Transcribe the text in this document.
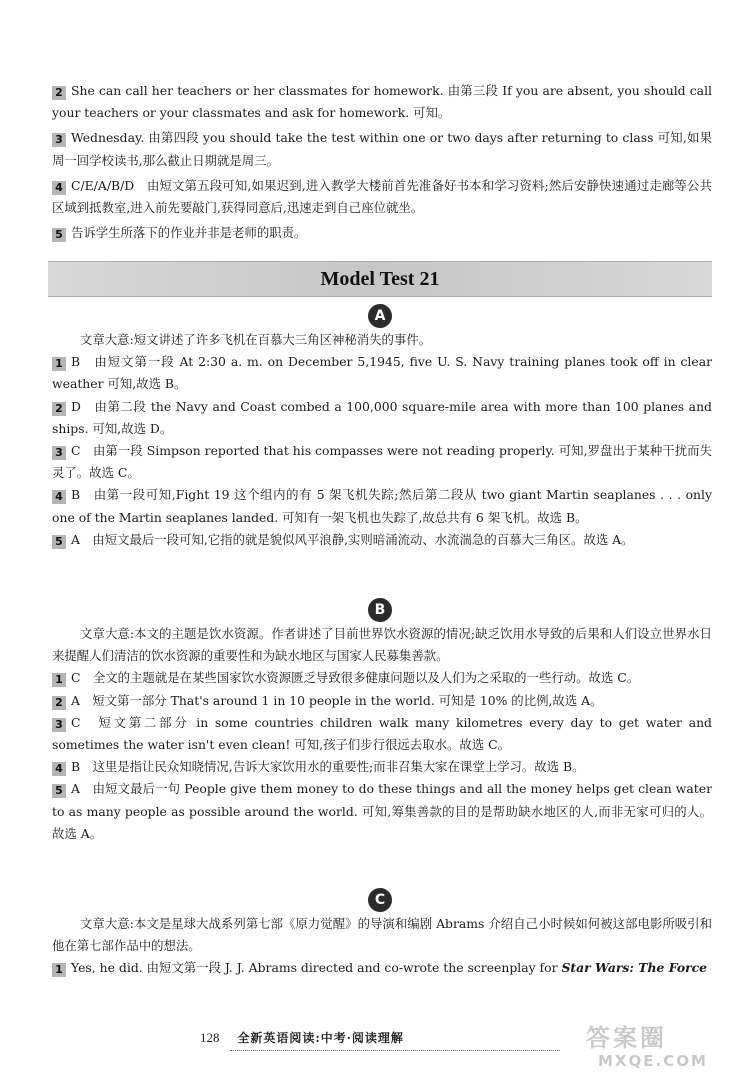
2 She can call her teachers or her classmates for homework. 由第三段 If you are absent, you should call your teachers or your classmates and ask for homework. 可知。

3 Wednesday. 由第四段 you should take the test within one or two days after returning to class 可知,如果周一回学校读书,那么截止日期就是周三。

4 C/E/A/B/D　由短文第五段可知,如果迟到,进入教学大楼前首先准备好书本和学习资料;然后安静快速通过走廊等公共区域到抵教室,进入前先要敲门,获得同意后,迅速走到自己座位就坐。

5 告诉学生所落下的作业并非是老师的职责。

Model Test 21
A

文章大意:短文讲述了许多飞机在百慕大三角区神秘消失的事件。

1 B　由短文第一段 At 2:30 a. m. on December 5,1945, five U. S. Navy training planes took off in clear weather 可知,故选 B。

2 D　由第二段 the Navy and Coast combed a 100,000 square-mile area with more than 100 planes and ships. 可知,故选 D。

3 C　由第一段 Simpson reported that his compasses were not reading properly. 可知,罗盘出于某种干扰而失灵了。故选 C。

4 B　由第一段可知,Fight 19 这个组内的有 5 架飞机失踪;然后第二段从 two giant Martin seaplanes . . . only one of the Martin seaplanes landed. 可知有一架飞机也失踪了,故总共有 6 架飞机。故选 B。

5 A　由短文最后一段可知,它指的就是貌似风平浪静,实则暗涌流动、水流湍急的百慕大三角区。故选 A。

B

文章大意:本文的主题是饮水资源。作者讲述了目前世界饮水资源的情况;缺乏饮用水导致的后果和人们设立世界水日来提醒人们清洁的饮水资源的重要性和为缺水地区与国家人民募集善款。

1 C　全文的主题就是在某些国家饮水资源匮乏导致很多健康问题以及人们为之采取的一些行动。故选 C。

2 A　短文第一部分 That's around 1 in 10 people in the world. 可知是 10% 的比例,故选 A。

3 C　短文第二部分 in some countries children walk many kilometres every day to get water and sometimes the water isn't even clean! 可知,孩子们步行很远去取水。故选 C。

4 B　这里是指让民众知晓情况,告诉大家饮用水的重要性;而非召集大家在课堂上学习。故选 B。

5 A　由短文最后一句 People give them money to do these things and all the money helps get clean water to as many people as possible around the world. 可知,筹集善款的目的是帮助缺水地区的人,而非无家可归的人。故选 A。

C

文章大意:本文是星球大战系列第七部《原力觉醒》的导演和编剧 Abrams 介绍自己小时候如何被这部电影所吸引和他在第七部作品中的想法。

1 Yes, he did. 由短文第一段 J. J. Abrams directed and co-wrote the screenplay for Star Wars: The Force

128 全新英语阅读:中考·阅读理解	答案圈
MXQE.COM
